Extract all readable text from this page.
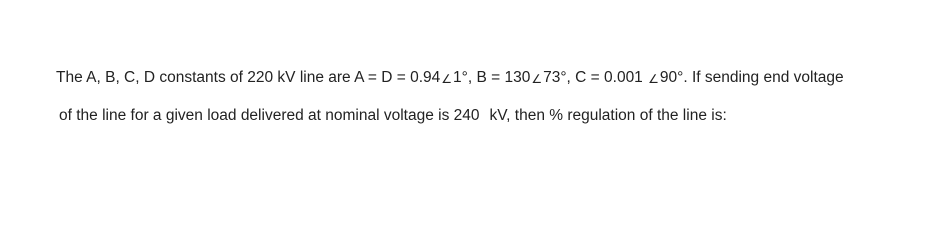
The A, B, C, D constants of 220 kV line are A = D = 0.94∠1°, B = 130∠73°, C = 0.001 ∠90°. If sending end voltage
of the line for a given load delivered at nominal voltage is 240 kV, then % regulation of the line is:
